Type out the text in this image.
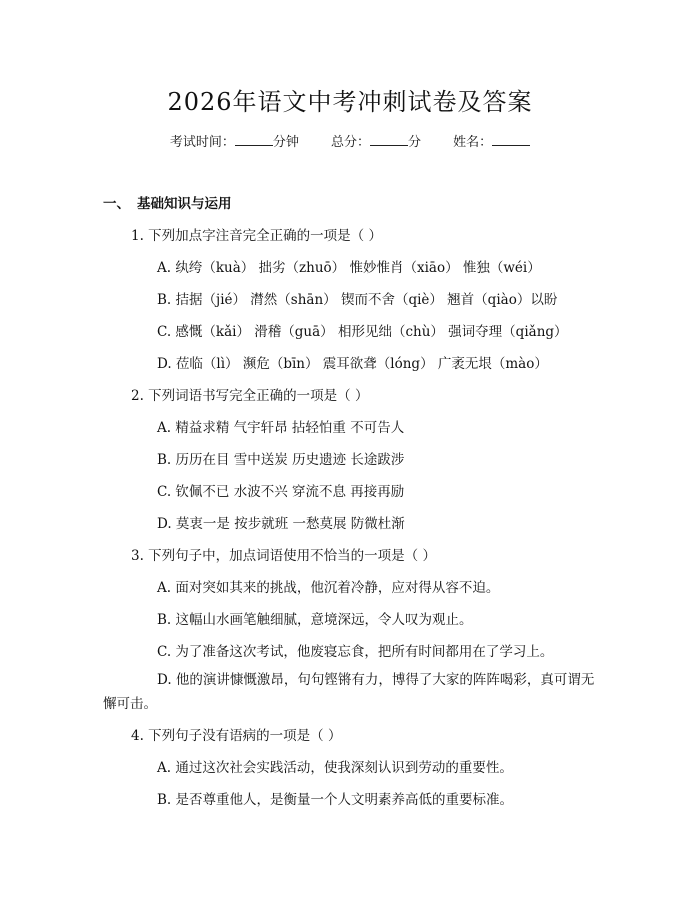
2026年语文中考冲刺试卷及答案
考试时间：	分钟 总分：	分 姓名：
一、 基础知识与运用
1. 下列加点字注音完全正确的一项是（ ）
A. 纨绔（kuà） 拙劣（zhuō） 惟妙惟肖（xiāo） 惟独（wéi）
B. 拮据（jié） 潸然（shān） 锲而不舍（qiè） 翘首（qiào）以盼
C. 感慨（kǎi） 滑稽（guā） 相形见绌（chù） 强词夺理（qiǎng）
D. 莅临（lì） 濒危（bīn） 震耳欲聋（lóng） 广袤无垠（mào）
2. 下列词语书写完全正确的一项是（ ）
A. 精益求精 气宇轩昂 拈轻怕重 不可告人
B. 历历在目 雪中送炭 历史遗迹 长途跋涉
C. 钦佩不已 水波不兴 穿流不息 再接再励
D. 莫衷一是 按步就班 一愁莫展 防微杜渐
3. 下列句子中，加点词语使用不恰当的一项是（ ）
A. 面对突如其来的挑战，他沉着冷静，应对得从容不迫。
B. 这幅山水画笔触细腻，意境深远，令人叹为观止。
C. 为了准备这次考试，他废寝忘食，把所有时间都用在了学习上。
D. 他的演讲慷慨激昂，句句铿锵有力，博得了大家的阵阵喝彩，真可谓无懈可击。
4. 下列句子没有语病的一项是（ ）
A. 通过这次社会实践活动，使我深刻认识到劳动的重要性。
B. 是否尊重他人，是衡量一个人文明素养高低的重要标准。
